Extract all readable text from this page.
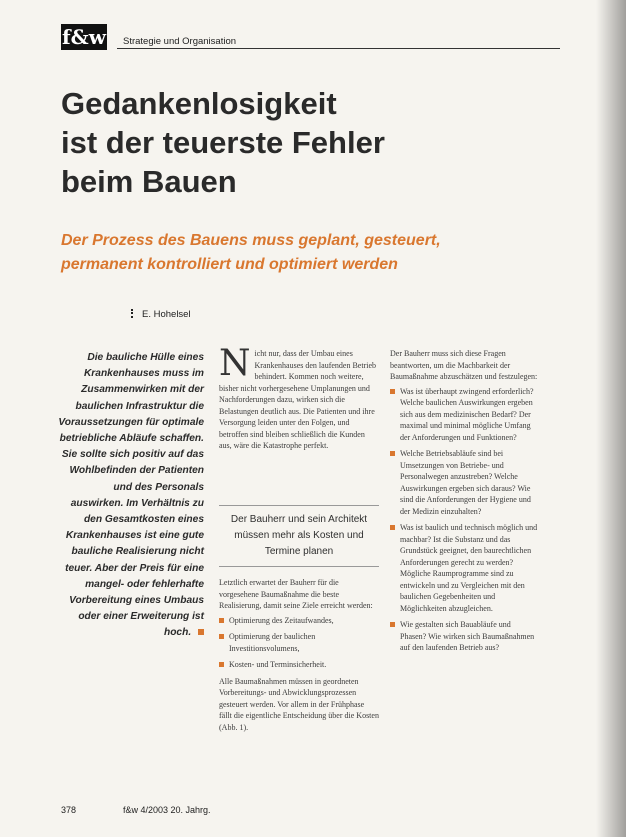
f&w Strategie und Organisation
Gedankenlosigkeit
ist der teuerste Fehler
beim Bauen
Der Prozess des Bauens muss geplant, gesteuert,
permanent kontrolliert und optimiert werden
E. Hohelsel
Die bauliche Hülle eines Krankenhauses muss im Zusammenwirken mit der baulichen Infrastruktur die Voraussetzungen für optimale betriebliche Abläufe schaffen. Sie sollte sich positiv auf das Wohlbefinden der Patienten und des Personals auswirken. Im Verhältnis zu den Gesamtkosten eines Krankenhauses ist eine gute bauliche Realisierung nicht teuer. Aber der Preis für eine mangel- oder fehlerhafte Vorbereitung eines Umbaus oder einer Erweiterung ist hoch.
N icht nur, dass der Umbau eines Krankenhauses den laufenden Betrieb behindert. Kommen noch weitere, bisher nicht vorhergesehene Umplanungen und Nachforderungen dazu, wirken sich die Belastungen deutlich aus. Die Patienten und ihre Versorgung leiden unter den Folgen, und betroffen sind bleiben schließlich die Kunden aus, wäre die Katastrophe perfekt.
Der Bauherr und sein Architekt müssen mehr als Kosten und Termine planen
Letztlich erwartet der Bauherr für die vorgesehene Baumaßnahme die beste Realisierung, damit seine Ziele erreicht werden:
Optimierung des Zeitaufwandes,
Optimierung der baulichen Investitionsvolumens,
Kosten- und Terminsicherheit.
Alle Baumaßnahmen müssen in geordneten Vorbereitungs- und Abwicklungsprozessen gesteuert werden. Vor allem in der Frühphase fällt die eigentliche Entscheidung über die Kosten (Abb. 1).
Der Bauherr muss sich diese Fragen beantworten, um die Machbarkeit der Baumaßnahme abzuschätzen und festzulegen:
Was ist überhaupt zwingend erforderlich? Welche baulichen Auswirkungen ergeben sich aus dem medizinischen Bedarf? Der maximal und minimal mögliche Umfang der Anforderungen und Funktionen?
Welche Betriebsabläufe sind bei Umsetzungen von Betriebe- und Personalwegen anzustreben? Welche Auswirkungen ergeben sich daraus? Wie sind die Anforderungen der Hygiene und der Medizin einzuhalten?
Was ist baulich und technisch möglich und machbar? Ist die Substanz und das Grundstück geeignet, den baurechtlichen Anforderungen gerecht zu werden? Mögliche Raumprogramme sind zu entwickeln und zu Vergleichen mit den baulichen Gegebenheiten und Möglichkeiten abzugleichen.
Wie gestalten sich Bauabläufe und Phasen? Wie wirken sich Baumaßnahmen auf den laufenden Betrieb aus?
378	f&w 4/2003 20. Jahrg.
